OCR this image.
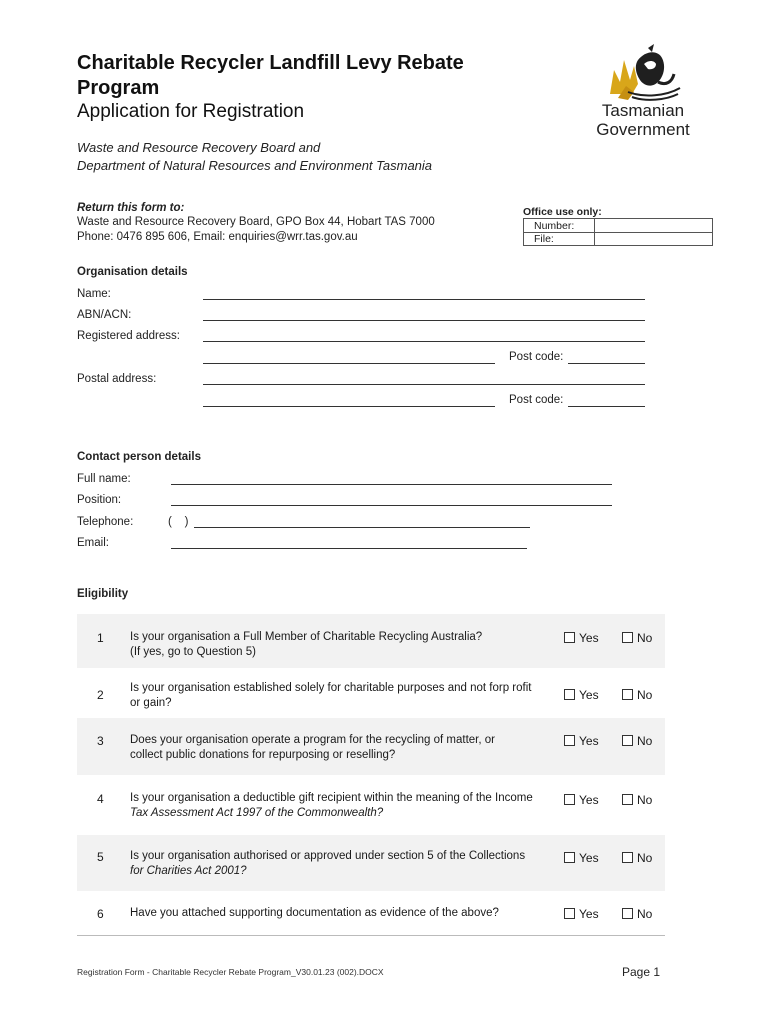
Charitable Recycler Landfill Levy Rebate Program
Application for Registration
Waste and Resource Recovery Board and
Department of Natural Resources and Environment Tasmania
Tasmanian
Government
Return this form to:
Waste and Resource Recovery Board, GPO Box 44, Hobart TAS 7000
Phone: 0476 895 606, Email: enquiries@wrr.tas.gov.au
Office use only:
Number:
File:
Organisation details
Name:
ABN/ACN:
Registered address:
Post code:
Postal address:
Post code:
Contact person details
Full name:
Position:
Telephone:	(    )
Email:
Eligibility
1 Is your organisation a Full Member of Charitable Recycling Australia?
(If yes, go to Question 5)
Yes	No
2 Is your organisation established solely for charitable purposes and not forp rofit
or gain?
Yes	No
3 Does your organisation operate a program for the recycling of matter, or
collect public donations for repurposing or reselling?
Yes	No
4 Is your organisation a deductible gift recipient within the meaning of the Income
Tax Assessment Act 1997 of the Commonwealth?
Yes	No
5 Is your organisation authorised or approved under section 5 of the Collections
for Charities Act 2001?
Yes	No
6 Have you attached supporting documentation as evidence of the above?	Yes	No
Registration Form - Charitable Recycler Rebate Program_V30.01.23 (002).DOCX	Page 1
